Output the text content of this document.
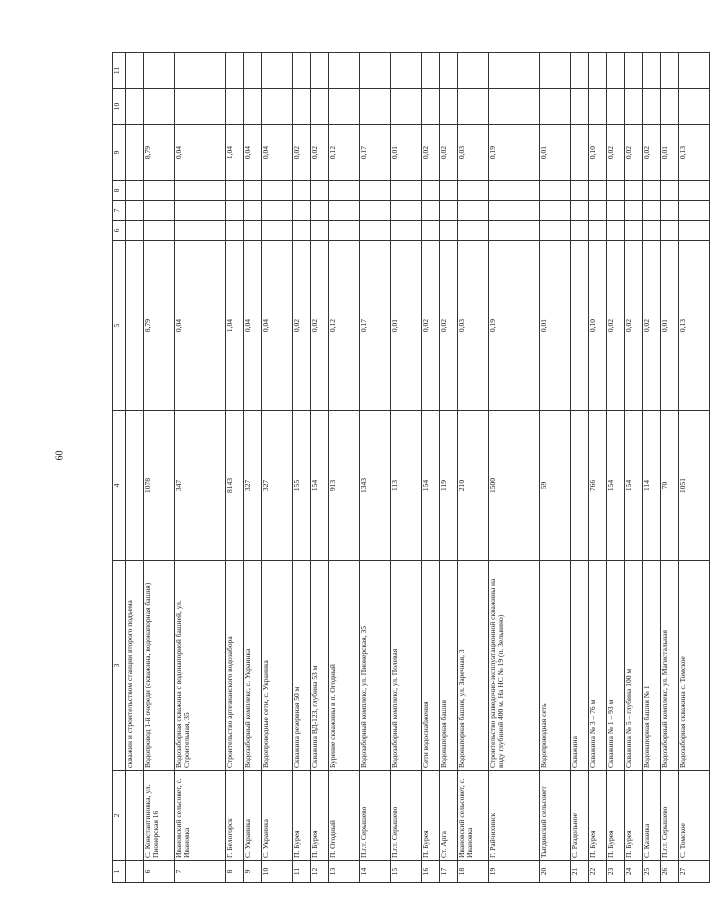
60
1	2	3	4	5	6	7	8	9	10	11
		скважин и строительством станции второго подъема								
6	С. Константиновка, ул. Пионерская 16	Водопровод 1-й очереди (скважина, водонапорная башня)	1078	8,79				8,79		
7	Ивановский сельсовет, с. Ивановка	Водозаборная скважина с водонапорной башней, ул. Строительная, 35	347	0,04				0,04		
8	Г. Белогорск	Строительство артезианского водозабора	8143	1,04				1,04		
9	С. Украинка	Водозаборный комплекс, с. Украинка	327	0,04				0,04		
10	С. Украинка	Водопроводные сети, с. Украинка	327	0,04				0,04		
11	П. Бурея	Скважина резервная 50 м	155	0,02				0,02		
12	П. Бурея	Скважина ВД-123, глубина 53 м	154	0,02				0,02		
13	П. Огодный	Бурение скважины в п. Огодный	913	0,12				0,12		
14	П.г.т. Серышево	Водозаборный комплекс, ул. Пионерская, 35	1343	0,17				0,17		
15	П.г.т. Серышево	Водозаборный комплекс, ул. Полевая	113	0,01				0,01		
16	П. Бурея	Сети водоснабжения	154	0,02				0,02		
17	Ст. Арга	Водонапорная башня	119	0,02				0,02		
18	Ивановский сельсовет, с. Ивановка	Водонапорная башня, ул. Заречная, 3	210	0,03				0,03		
19	Г. Райчихинск	Строительство разведочно-эксплуатационной скважины на воду глубиной 400 м. На НС № 19 (п. Зельвино)	1500	0,19				0,19		
20	Тыгдинский сельсовет	Водопроводная сеть	59	0,01				0,01		
21	С. Раздольное	Скважина								
22	П. Бурея	Скважина № 3 – 76 м	766	0,10				0,10		
23	П. Бурея	Скважина № 1 – 93 м	154	0,02				0,02		
24	П. Бурея	Скважина № 5 – глубина 100 м	154	0,02				0,02		
25	С. Казанка	Водонапорная башня № 1	114	0,02				0,02		
26	П.г.т. Серышево	Водозаборный комплекс, ул. Магистальная	70	0,01				0,01		
27	С. Томское	Водозаборная скважина с. Томское	1051	0,13				0,13		
